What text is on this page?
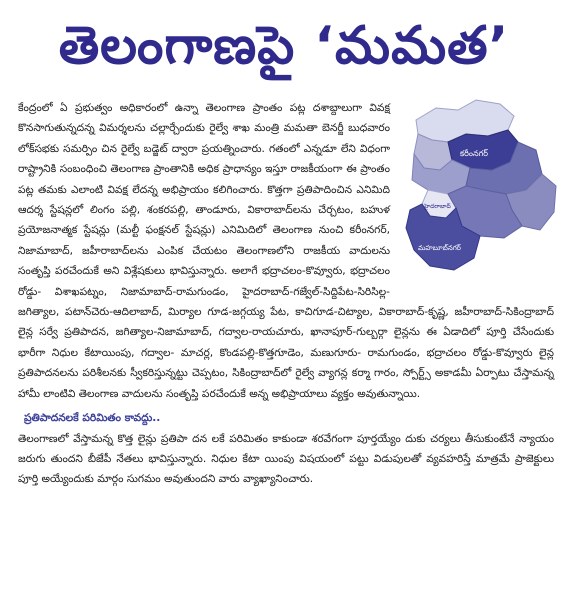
తెలంగాణపై ‘మమత’
కరీంనగర్
హైదరాబాద్
మహబూబ్‌నగర్

కేంద్రంలో ఏ ప్రభుత్వం అధికారంలో ఉన్నా తెలంగాణ ప్రాంతం పట్ల దశాబ్దాలుగా వివక్ష కొనసాగుతున్నదన్న విమర్శలను చల్లార్చేందుకు రైల్వే శాఖ మంత్రి మమతా బెనర్జీ బుధవారం లోక్‌సభకు సమర్పిం చిన రైల్వే బడ్జెట్ ద్వారా ప్రయత్నించారు. గతంలో ఎన్నడూ లేని విధంగా రాష్ట్రానికి సంబంధించి తెలంగాణ ప్రాంతానికి అధిక ప్రాధాన్యం ఇస్తూ రాజకీయంగా ఈ ప్రాంతం పట్ల తమకు ఎలాంటి వివక్ష లేదన్న అభిప్రాయం కలిగించారు. కొత్తగా ప్రతిపాదించిన ఎనిమిది ఆదర్శ స్టేషన్లలో లింగం పల్లి, శంకరపల్లి, తాండూరు, వికారాబాద్‌లను చేర్చటం, బహుళ ప్రయోజనాత్మక స్టేషన్లు (మల్టీ ఫంక్షనల్ స్టేషన్లు) ఎనిమిదిలో తెలంగాణ నుంచి కరీంనగర్, నిజామాబాద్, జహీరాబాద్‌లను ఎంపిక చేయటం తెలంగాణలోని రాజకీయ వాదులను సంతృప్తి పరచేందుకే అని విశ్లేషకులు భావిస్తున్నారు. అలాగే భద్రాచలం-కొవ్వూరు, భద్రాచలం రోడ్డు- విశాఖపట్నం, నిజామాబాద్-రామగుండం, హైదరాబాద్-గజ్వేల్-సిద్దిపేట-సిరిసిల్ల-జగిత్యాల, పటాన్‌చెరు-ఆదిలాబాద్, మిర్యాల గూడ-జగ్గయ్య పేట, కాచిగూడ-చిట్యాల, వికారాబాద్-కృష్ణ, జహీరాబాద్-సికింద్రాబాద్ లైన్ల సర్వే ప్రతిపాదన, జగిత్యాల-నిజామాబాద్, గద్వాల-రాయచూరు, ఖానాపూర్-గుల్బర్గా లైన్లను ఈ ఏడాదిలో పూర్తి చేసేందుకు భారీగా నిధుల కేటాయింపు, గద్వాల- మాచర్ల, కొండపల్లి-కొత్తగూడెం, మణుగూరు- రామగుండం, భద్రాచలం రోడ్డు-కొవ్వూరు లైన్ల ప్రతిపాదనలను పరిశీలనకు స్వీకరిస్తున్నట్టు చెప్పటం, సికింద్రాబాద్‌లో రైల్వే వ్యాగన్ల కర్మా గారం, స్పోర్ట్స్ అకాడమీ ఏర్పాటు చేస్తామన్న హామీ లాంటివి తెలంగాణ వాదులను సంతృప్తి పరచేందుకే అన్న అభిప్రాయాలు వ్యక్తం అవుతున్నాయి.

ప్రతిపాదనలకే పరిమితం కావద్దు..

తెలంగాణలో వేస్తామన్న కొత్త లైన్లు ప్రతిపా దన లకే పరిమితం కాకుండా శరవేగంగా పూర్తయ్యేం దుకు చర్యలు తీసుకుంటేనే న్యాయం జరుగు తుందని బీజేపీ నేతలు భావిస్తున్నారు. నిధుల కేటా యింపు విషయంలో పట్టు విడుపులతో వ్యవహరిస్తే మాత్రమే ప్రాజెక్టులు పూర్తి అయ్యేందుకు మార్గం సుగమం అవుతుందని వారు వ్యాఖ్యానించారు.
